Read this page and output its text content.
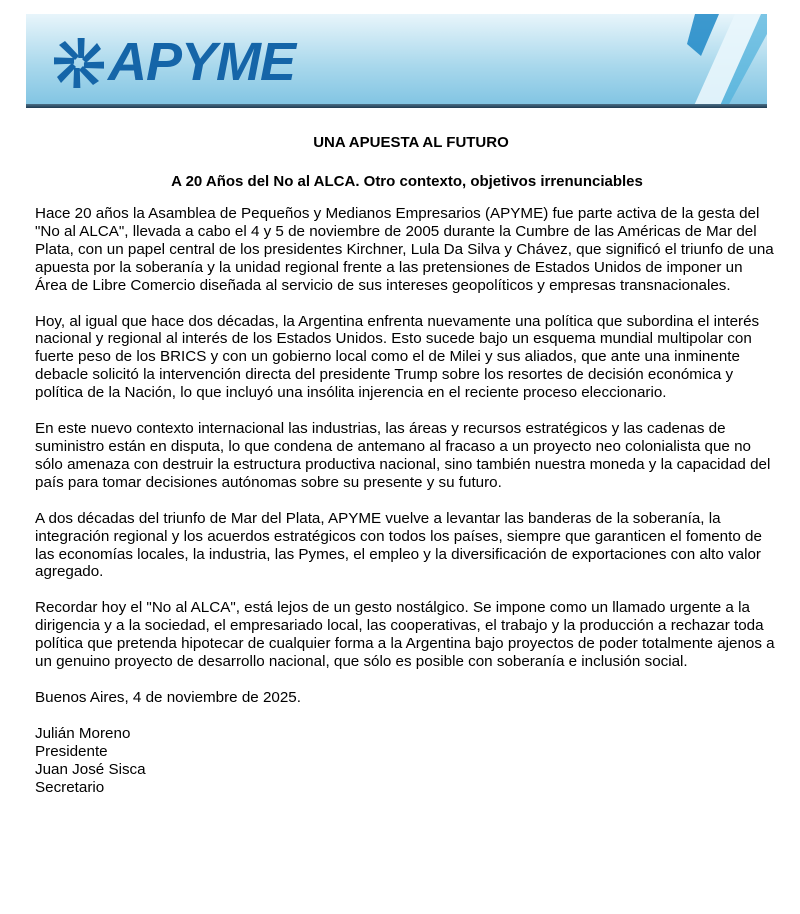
APYME
UNA APUESTA AL FUTURO
A 20 Años del No al ALCA. Otro contexto, objetivos irrenunciables

Hace 20 años la Asamblea de Pequeños y Medianos Empresarios (APYME) fue parte activa de la gesta del "No al ALCA", llevada a cabo el 4 y 5 de noviembre de 2005 durante la Cumbre de las Américas de Mar del Plata, con un papel central de los presidentes Kirchner, Lula Da Silva y Chávez, que significó el triunfo de una apuesta por la soberanía y la unidad regional frente a las pretensiones de Estados Unidos de imponer un Área de Libre Comercio diseñada al servicio de sus intereses geopolíticos y empresas transnacionales.

Hoy, al igual que hace dos décadas, la Argentina enfrenta nuevamente una política que subordina el interés nacional y regional al interés de los Estados Unidos. Esto sucede bajo un esquema mundial multipolar con fuerte peso de los BRICS y con un gobierno local como el de Milei y sus aliados, que ante una inminente debacle solicitó la intervención directa del presidente Trump sobre los resortes de decisión económica y política de la Nación, lo que incluyó una insólita injerencia en el reciente proceso eleccionario.

En este nuevo contexto internacional las industrias, las áreas y recursos estratégicos y las cadenas de suministro están en disputa, lo que condena de antemano al fracaso a un proyecto neo colonialista que no sólo amenaza con destruir la estructura productiva nacional, sino también nuestra moneda y la capacidad del país para tomar decisiones autónomas sobre su presente y su futuro.

A dos décadas del triunfo de Mar del Plata, APYME vuelve a levantar las banderas de la soberanía, la integración regional y los acuerdos estratégicos con todos los países, siempre que garanticen el fomento de las economías locales, la industria, las Pymes, el empleo y la diversificación de exportaciones con alto valor agregado.

Recordar hoy el "No al ALCA", está lejos de un gesto nostálgico. Se impone como un llamado urgente a la dirigencia y a la sociedad, el empresariado local, las cooperativas, el trabajo y la producción a rechazar toda política que pretenda hipotecar de cualquier forma a la Argentina bajo proyectos de poder totalmente ajenos a un genuino proyecto de desarrollo nacional, que sólo es posible con soberanía e inclusión social.

Buenos Aires, 4 de noviembre de 2025.

Julián Moreno
Presidente
Juan José Sisca
Secretario
